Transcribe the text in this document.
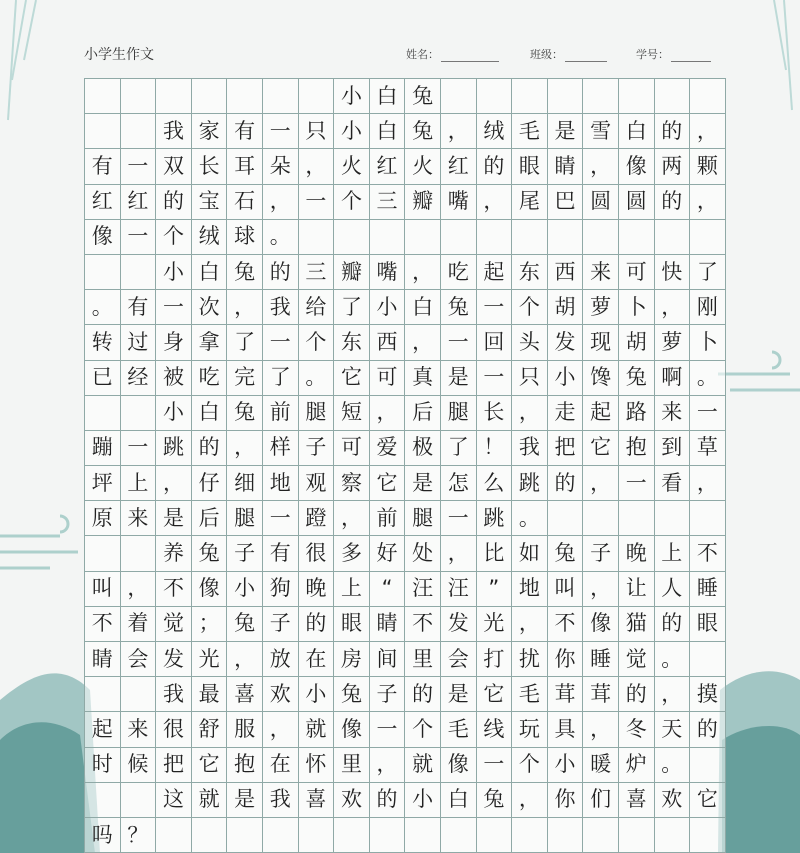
小学生作文	姓名：	班级：	学号：
小 白 兔
我 家 有 一 只 小 白 兔 ， 绒 毛 是 雪 白 的 ，
有 一 双 长 耳 朵 ， 火 红 火 红 的 眼 睛 ， 像 两 颗
红 红 的 宝 石 ， 一 个 三 瓣 嘴 ， 尾 巴 圆 圆 的 ，
像 一 个 绒 球 。
小 白 兔 的 三 瓣 嘴 ， 吃 起 东 西 来 可 快 了
。 有 一 次 ， 我 给 了 小 白 兔 一 个 胡 萝 卜 ， 刚
转 过 身 拿 了 一 个 东 西 ， 一 回 头 发 现 胡 萝 卜
已 经 被 吃 完 了 。 它 可 真 是 一 只 小 馋 兔 啊 。
小 白 兔 前 腿 短 ， 后 腿 长 ， 走 起 路 来 一
蹦 一 跳 的 ， 样 子 可 爱 极 了 ！ 我 把 它 抱 到 草
坪 上 ， 仔 细 地 观 察 它 是 怎 么 跳 的 ， 一 看 ，
原 来 是 后 腿 一 蹬 ， 前 腿 一 跳 。
养 兔 子 有 很 多 好 处 ， 比 如 兔 子 晚 上 不
叫 ， 不 像 小 狗 晚 上 “ 汪 汪 ” 地 叫 ， 让 人 睡
不 着 觉 ； 兔 子 的 眼 睛 不 发 光 ， 不 像 猫 的 眼
睛 会 发 光 ， 放 在 房 间 里 会 打 扰 你 睡 觉 。
我 最 喜 欢 小 兔 子 的 是 它 毛 茸 茸 的 ， 摸
起 来 很 舒 服 ， 就 像 一 个 毛 线 玩 具 ， 冬 天 的
时 候 把 它 抱 在 怀 里 ， 就 像 一 个 小 暖 炉 。
这 就 是 我 喜 欢 的 小 白 兔 ， 你 们 喜 欢 它
吗 ？
